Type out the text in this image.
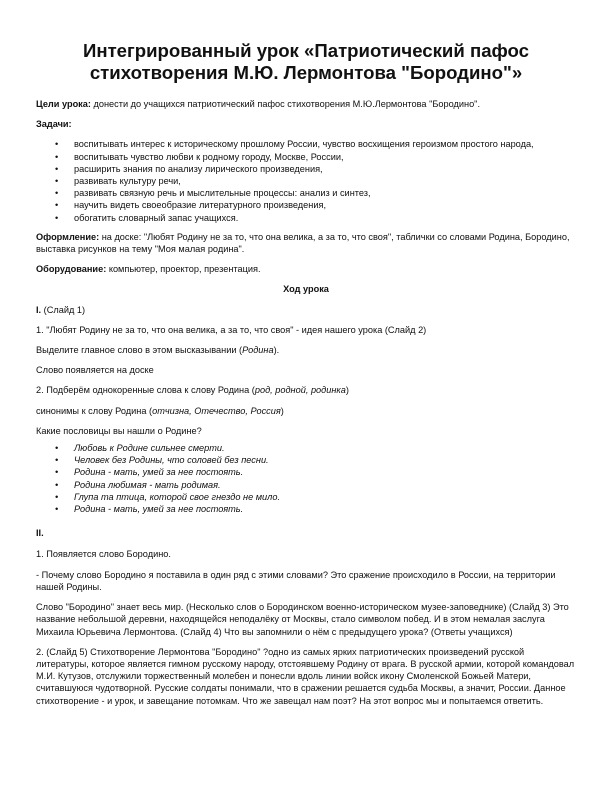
Интегрированный урок «Патриотический пафос стихотворения М.Ю. Лермонтова "Бородино"»

Цели урока: донести до учащихся патриотический пафос стихотворения М.Ю.Лермонтова "Бородино".

Задачи:

• воспитывать интерес к историческому прошлому России, чувство восхищения героизмом простого народа,
• воспитывать чувство любви к родному городу, Москве, России,
• расширить знания по анализу лирического произведения,
• развивать культуру речи,
• развивать связную речь и мыслительные процессы: анализ и синтез,
• научить видеть своеобразие литературного произведения,
• обогатить словарный запас учащихся.

Оформление: на доске: "Любят Родину не за то, что она велика, а за то, что своя", таблички со словами Родина, Бородино, выставка рисунков на тему "Моя малая родина".

Оборудование: компьютер, проектор, презентация.

Ход урока

I. (Слайд 1)

1. "Любят Родину не за то, что она велика, а за то, что своя" - идея нашего урока (Слайд 2)

Выделите главное слово в этом высказывании (Родина).

Слово появляется на доске

2. Подберём однокоренные слова к слову Родина (род, родной, родинка)

синонимы к слову Родина (отчизна, Отечество, Россия)

Какие пословицы вы нашли о Родине?

• Любовь к Родине сильнее смерти.
• Человек без Родины, что соловей без песни.
• Родина - мать, умей за нее постоять.
• Родина любимая - мать родимая.
• Глупа та птица, которой свое гнездо не мило.
• Родина - мать, умей за нее постоять.

II.

1. Появляется слово Бородино.

- Почему слово Бородино я поставила в один ряд с этими словами? Это сражение происходило в России, на территории нашей Родины.

Слово "Бородино" знает весь мир. (Несколько слов о Бородинском военно-историческом музее-заповеднике) (Слайд 3) Это название небольшой деревни, находящейся неподалёку от Москвы, стало символом побед. И в этом немалая заслуга Михаила Юрьевича Лермонтова. (Слайд 4) Что вы запомнили о нём с предыдущего урока? (Ответы учащихся)

2. (Слайд 5) Стихотворение Лермонтова "Бородино" ?одно из самых ярких патриотических произведений русской литературы, которое является гимном русскому народу, отстоявшему Родину от врага. В русской армии, которой командовал М.И. Кутузов, отслужили торжественный молебен и понесли вдоль линии войск икону Смоленской Божьей Матери, считавшуюся чудотворной. Русские солдаты понимали, что в сражении решается судьба Москвы, а значит, России. Данное стихотворение - и урок, и завещание потомкам. Что же завещал нам поэт? На этот вопрос мы и попытаемся ответить.
